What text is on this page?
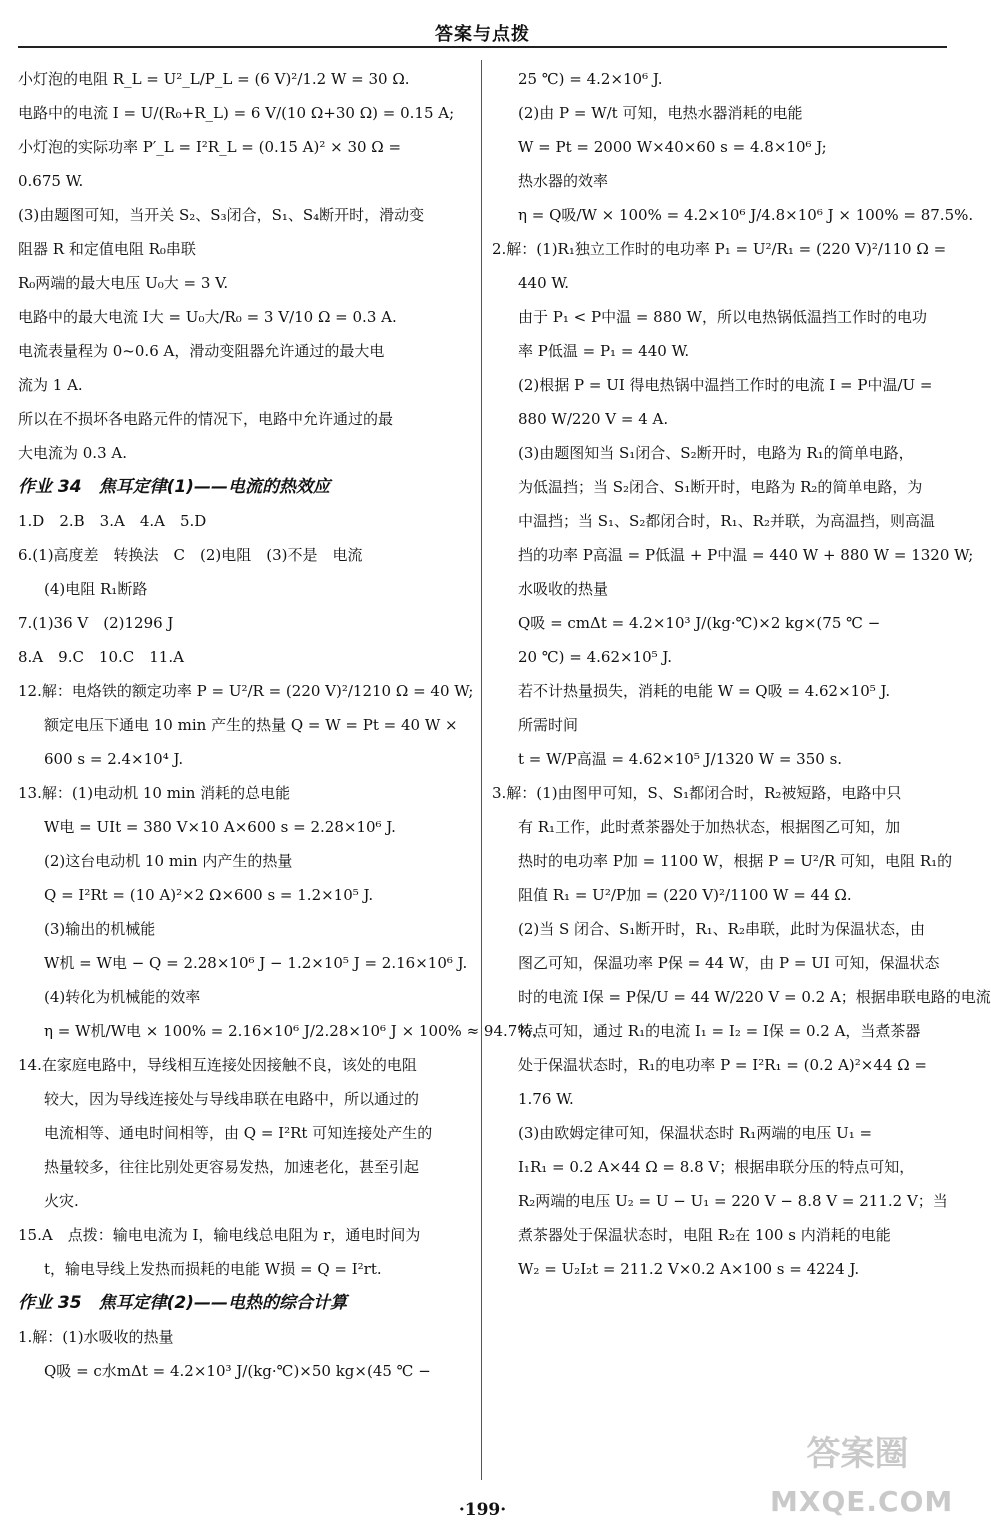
答案与点拨
小灯泡的电阻 R_L = U²_L/P_L = (6 V)²/1.2 W = 30 Ω.
电路中的电流 I = U/(R₀+R_L) = 6 V/(10 Ω+30 Ω) = 0.15 A;
小灯泡的实际功率 P′_L = I²R_L = (0.15 A)² × 30 Ω =
0.675 W.
(3)由题图可知，当开关 S₂、S₃闭合，S₁、S₄断开时，滑动变
阻器 R 和定值电阻 R₀串联
R₀两端的最大电压 U₀大 = 3 V.
电路中的最大电流 I大 = U₀大/R₀ = 3 V/10 Ω = 0.3 A.
电流表量程为 0~0.6 A，滑动变阻器允许通过的最大电
流为 1 A.
所以在不损坏各电路元件的情况下，电路中允许通过的最
大电流为 0.3 A.
作业 34　焦耳定律(1)——电流的热效应
1.D　2.B　3.A　4.A　5.D
6.(1)高度差　转换法　C　(2)电阻　(3)不是　电流
(4)电阻 R₁断路
7.(1)36 V　(2)1296 J
8.A　9.C　10.C　11.A
12.解：电烙铁的额定功率 P = U²/R = (220 V)²/1210 Ω = 40 W;
额定电压下通电 10 min 产生的热量 Q = W = Pt = 40 W ×
600 s = 2.4×10⁴ J.
13.解：(1)电动机 10 min 消耗的总电能
W电 = UIt = 380 V×10 A×600 s = 2.28×10⁶ J.
(2)这台电动机 10 min 内产生的热量
Q = I²Rt = (10 A)²×2 Ω×600 s = 1.2×10⁵ J.
(3)输出的机械能
W机 = W电 − Q = 2.28×10⁶ J − 1.2×10⁵ J = 2.16×10⁶ J.
(4)转化为机械能的效率
η = W机/W电 × 100% = 2.16×10⁶ J/2.28×10⁶ J × 100% ≈ 94.7%.
14.在家庭电路中，导线相互连接处因接触不良，该处的电阻
较大，因为导线连接处与导线串联在电路中，所以通过的
电流相等、通电时间相等，由 Q = I²Rt 可知连接处产生的
热量较多，往往比别处更容易发热，加速老化，甚至引起
火灾.
15.A　点拨：输电电流为 I，输电线总电阻为 r，通电时间为
t，输电导线上发热而损耗的电能 W损 = Q = I²rt.
作业 35　焦耳定律(2)——电热的综合计算
1.解：(1)水吸收的热量
Q吸 = c水mΔt = 4.2×10³ J/(kg·℃)×50 kg×(45 ℃ −
25 ℃) = 4.2×10⁶ J.
(2)由 P = W/t 可知，电热水器消耗的电能
W = Pt = 2000 W×40×60 s = 4.8×10⁶ J;
热水器的效率
η = Q吸/W × 100% = 4.2×10⁶ J/4.8×10⁶ J × 100% = 87.5%.
2.解：(1)R₁独立工作时的电功率 P₁ = U²/R₁ = (220 V)²/110 Ω =
440 W.
由于 P₁ < P中温 = 880 W，所以电热锅低温挡工作时的电功
率 P低温 = P₁ = 440 W.
(2)根据 P = UI 得电热锅中温挡工作时的电流 I = P中温/U =
880 W/220 V = 4 A.
(3)由题图知当 S₁闭合、S₂断开时，电路为 R₁的简单电路，
为低温挡；当 S₂闭合、S₁断开时，电路为 R₂的简单电路，为
中温挡；当 S₁、S₂都闭合时，R₁、R₂并联，为高温挡，则高温
挡的功率 P高温 = P低温 + P中温 = 440 W + 880 W = 1320 W;
水吸收的热量
Q吸 = cmΔt = 4.2×10³ J/(kg·℃)×2 kg×(75 ℃ −
20 ℃) = 4.62×10⁵ J.
若不计热量损失，消耗的电能 W = Q吸 = 4.62×10⁵ J.
所需时间
t = W/P高温 = 4.62×10⁵ J/1320 W = 350 s.
3.解：(1)由图甲可知，S、S₁都闭合时，R₂被短路，电路中只
有 R₁工作，此时煮茶器处于加热状态，根据图乙可知，加
热时的电功率 P加 = 1100 W，根据 P = U²/R 可知，电阻 R₁的
阻值 R₁ = U²/P加 = (220 V)²/1100 W = 44 Ω.
(2)当 S 闭合、S₁断开时，R₁、R₂串联，此时为保温状态，由
图乙可知，保温功率 P保 = 44 W，由 P = UI 可知，保温状态
时的电流 I保 = P保/U = 44 W/220 V = 0.2 A；根据串联电路的电流
特点可知，通过 R₁的电流 I₁ = I₂ = I保 = 0.2 A，当煮茶器
处于保温状态时，R₁的电功率 P = I²R₁ = (0.2 A)²×44 Ω =
1.76 W.
(3)由欧姆定律可知，保温状态时 R₁两端的电压 U₁ =
I₁R₁ = 0.2 A×44 Ω = 8.8 V；根据串联分压的特点可知，
R₂两端的电压 U₂ = U − U₁ = 220 V − 8.8 V = 211.2 V；当
煮茶器处于保温状态时，电阻 R₂在 100 s 内消耗的电能
W₂ = U₂I₂t = 211.2 V×0.2 A×100 s = 4224 J.
·199·
答案圈
MXQE.COM
